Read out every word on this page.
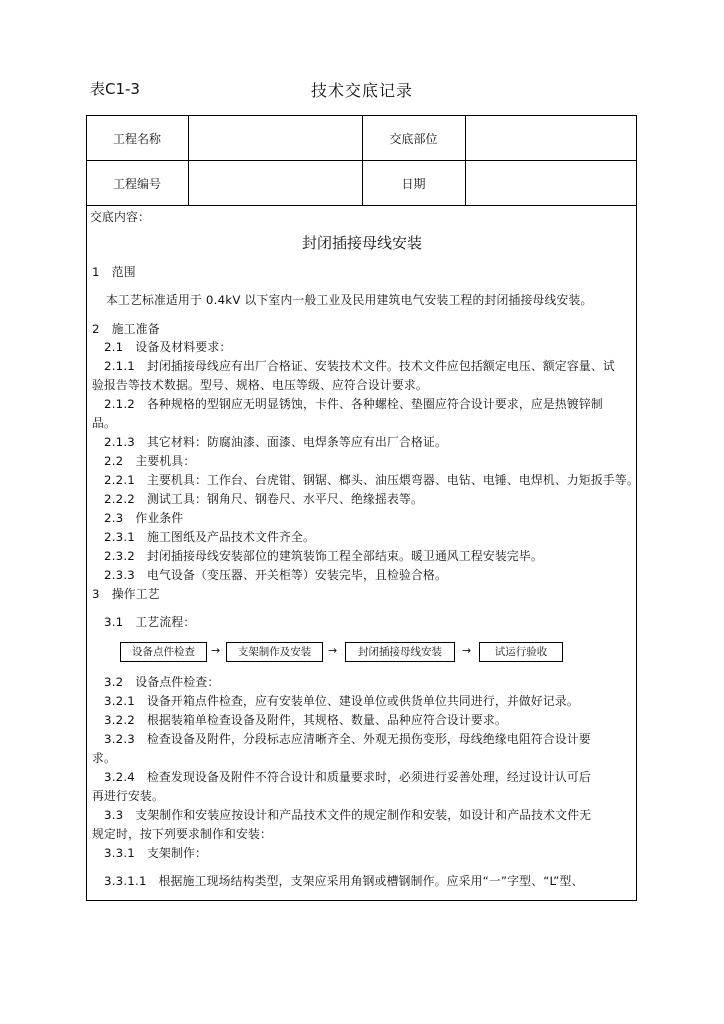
表C1-3	技术交底记录
工程名称	交底部位
工程编号	日期
交底内容：
封闭插接母线安装
1　范围
本工艺标准适用于 0.4kV 以下室内一般工业及民用建筑电气安装工程的封闭插接母线安装。
2　施工准备
2.1　设备及材料要求：
2.1.1　封闭插接母线应有出厂合格证、安装技术文件。技术文件应包括额定电压、额定容量、试
验报告等技术数据。型号、规格、电压等级、应符合设计要求。
2.1.2　各种规格的型钢应无明显锈蚀，卡件、各种螺栓、垫圈应符合设计要求，应是热镀锌制
品。
2.1.3　其它材料：防腐油漆、面漆、电焊条等应有出厂合格证。
2.2　主要机具：
2.2.1　主要机具：工作台、台虎钳、钢锯、榔头、油压煨弯器、电钻、电锤、电焊机、力矩扳手等。
2.2.2　测试工具：钢角尺、钢卷尺、水平尺、绝缘摇表等。
2.3　作业条件
2.3.1　施工图纸及产品技术文件齐全。
2.3.2　封闭插接母线安装部位的建筑装饰工程全部结束。暖卫通风工程安装完毕。
2.3.3　电气设备（变压器、开关柜等）安装完毕，且检验合格。
3　操作工艺
3.1　工艺流程：
设备点件检查	→	支架制作及安装	→	封闭插接母线安装	→	试运行验收
3.2　设备点件检查：
3.2.1　设备开箱点件检查，应有安装单位、建设单位或供货单位共同进行，并做好记录。
3.2.2　根据装箱单检查设备及附件，其规格、数量、品种应符合设计要求。
3.2.3　检查设备及附件，分段标志应清晰齐全、外观无损伤变形，母线绝缘电阻符合设计要
求。
3.2.4　检查发现设备及附件不符合设计和质量要求时，必须进行妥善处理，经过设计认可后
再进行安装。
3.3　支架制作和安装应按设计和产品技术文件的规定制作和安装，如设计和产品技术文件无
规定时，按下列要求制作和安装：
3.3.1　支架制作：
3.3.1.1　根据施工现场结构类型，支架应采用角钢或槽钢制作。应采用“一”字型、“L”型、
